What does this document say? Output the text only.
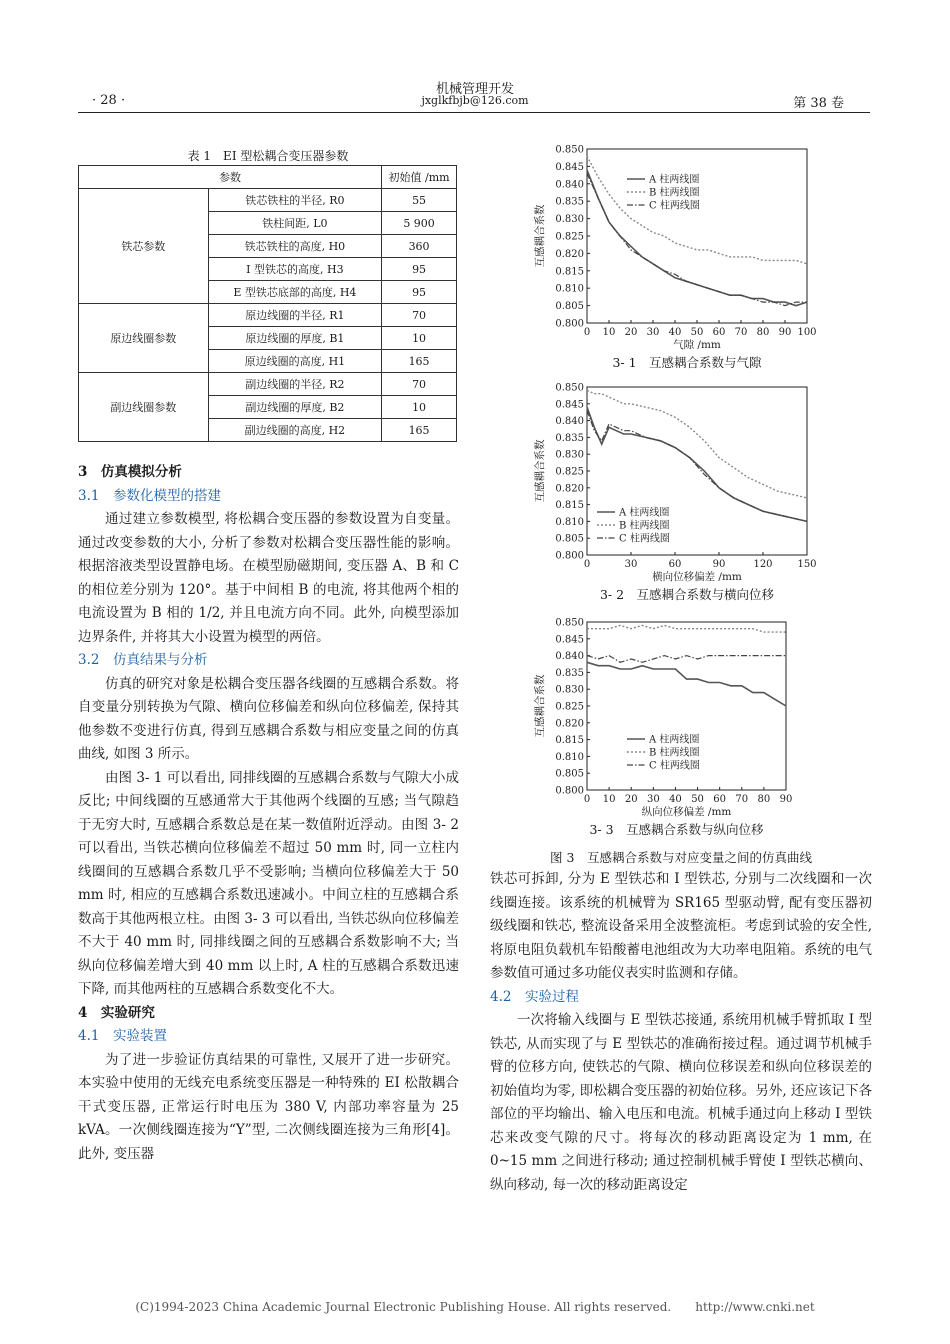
机械管理开发
jxglkfbjb@126.com
· 28 ·	第 38 卷
表 1　EI 型松耦合变压器参数
参数		初始值 /mm
铁芯参数	铁芯铁柱的半径, R0	55
	铁柱间距, L0	5 900
	铁芯铁柱的高度, H0	360
	I 型铁芯的高度, H3	95
	E 型铁芯底部的高度, H4	95
原边线圈参数	原边线圈的半径, R1	70
	原边线圈的厚度, B1	10
	原边线圈的高度, H1	165
副边线圈参数	副边线圈的半径, R2	70
	副边线圈的厚度, B2	10
	副边线圈的高度, H2	165
3　仿真模拟分析
3.1　参数化模型的搭建

通过建立参数模型, 将松耦合变压器的参数设置为自变量。通过改变参数的大小, 分析了参数对松耦合变压器性能的影响。根据溶液类型设置静电场。在模型励磁期间, 变压器 A、B 和 C 的相位差分别为 120°。基于中间相 B 的电流, 将其他两个相的电流设置为 B 相的 1/2, 并且电流方向不同。此外, 向模型添加边界条件, 并将其大小设置为模型的两倍。

3.2　仿真结果与分析

仿真的研究对象是松耦合变压器各线圈的互感耦合系数。将自变量分别转换为气隙、横向位移偏差和纵向位移偏差, 保持其他参数不变进行仿真, 得到互感耦合系数与相应变量之间的仿真曲线, 如图 3 所示。

由图 3- 1 可以看出, 同排线圈的互感耦合系数与气隙大小成反比; 中间线圈的互感通常大于其他两个线圈的互感; 当气隙趋于无穷大时, 互感耦合系数总是在某一数值附近浮动。由图 3- 2 可以看出, 当铁芯横向位移偏差不超过 50 mm 时, 同一立柱内线圈间的互感耦合系数几乎不受影响; 当横向位移偏差大于 50 mm 时, 相应的互感耦合系数迅速减小。中间立柱的互感耦合系数高于其他两根立柱。由图 3- 3 可以看出, 当铁芯纵向位移偏差不大于 40 mm 时, 同排线圈之间的互感耦合系数影响不大; 当纵向位移偏差增大到 40 mm 以上时, A 柱的互感耦合系数迅速下降, 而其他两柱的互感耦合系数变化不大。

4　实验研究
4.1　实验装置

为了进一步验证仿真结果的可靠性, 又展开了进一步研究。本实验中使用的无线充电系统变压器是一种特殊的 EI 松散耦合干式变压器, 正常运行时电压为 380 V, 内部功率容量为 25 kVA。一次侧线圈连接为“Y”型, 二次侧线圈连接为三角形[4]。此外, 变压器

0.800
0.805
0.810
0.815
0.820
0.825
0.830
0.835
0.840
0.845
0.850
0 10 20 30 40 50 60 70 80 90 100
气隙 /mm
互感耦合系数
A 柱两线圈
B 柱两线圈
C 柱两线圈
3- 1　互感耦合系数与气隙
0.800
0.805
0.810
0.815
0.820
0.825
0.830
0.835
0.840
0.845
0.850
0	30	60	90	120 150
横向位移偏差 /mm
互感耦合系数
A 柱两线圈
B 柱两线圈
C 柱两线圈
3- 2　互感耦合系数与横向位移
0.800
0.805
0.810
0.815
0.820
0.825
0.830
0.835
0.840
0.845
0.850
0 10 20 30 40 50 60 70 80 90
纵向位移偏差 /mm
互感耦合系数
A 柱两线圈
B 柱两线圈
C 柱两线圈
3- 3　互感耦合系数与纵向位移
图 3　互感耦合系数与对应变量之间的仿真曲线

铁芯可拆卸, 分为 E 型铁芯和 I 型铁芯, 分别与二次线圈和一次线圈连接。该系统的机械臂为 SR165 型驱动臂, 配有变压器初级线圈和铁芯, 整流设备采用全波整流柜。考虑到试验的安全性, 将原电阻负载机车铅酸蓄电池组改为大功率电阻箱。系统的电气参数值可通过多功能仪表实时监测和存储。

4.2　实验过程

一次将输入线圈与 E 型铁芯接通, 系统用机械手臂抓取 I 型铁芯, 从而实现了与 E 型铁芯的准确衔接过程。通过调节机械手臂的位移方向, 使铁芯的气隙、横向位移误差和纵向位移误差的初始值均为零, 即松耦合变压器的初始位移。另外, 还应该记下各部位的平均输出、输入电压和电流。机械手通过向上移动 I 型铁芯来改变气隙的尺寸。将每次的移动距离设定为 1 mm, 在 0~15 mm 之间进行移动; 通过控制机械手臂使 I 型铁芯横向、纵向移动, 每一次的移动距离设定

(C)1994-2023 China Academic Journal Electronic Publishing House. All rights reserved.　　http://www.cnki.net
